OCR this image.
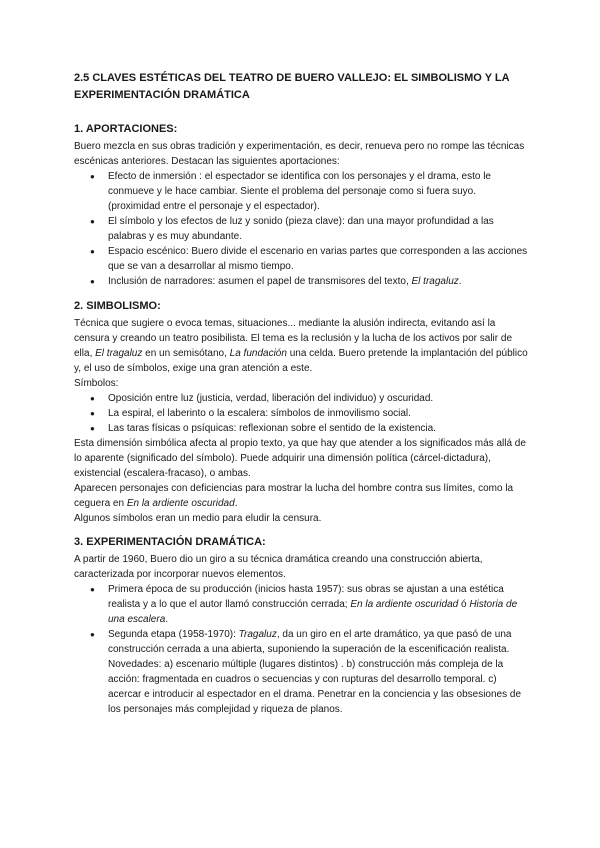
2.5 CLAVES ESTÉTICAS DEL TEATRO DE BUERO VALLEJO: EL SIMBOLISMO Y LA EXPERIMENTACIÓN DRAMÁTICA
1. APORTACIONES:

Buero mezcla en sus obras tradición y experimentación, es decir, renueva pero no rompe las técnicas escénicas anteriores. Destacan las siguientes aportaciones:

● Efecto de inmersión : el espectador se identifica con los personajes y el drama, esto le conmueve y le hace cambiar. Siente el problema del personaje como si fuera suyo. (proximidad entre el personaje y el espectador).
● El símbolo y los efectos de luz y sonido (pieza clave): dan una mayor profundidad a las palabras y es muy abundante.
● Espacio escénico: Buero divide el escenario en varias partes que corresponden a las acciones que se van a desarrollar al mismo tiempo.
● Inclusión de narradores: asumen el papel de transmisores del texto, El tragaluz.
2. SIMBOLISMO:

Técnica que sugiere o evoca temas, situaciones... mediante la alusión indirecta, evitando así la censura y creando un teatro posibilista. El tema es la reclusión y la lucha de los activos por salir de ella, El tragaluz en un semisótano, La fundación una celda. Buero pretende la implantación del público y, el uso de símbolos, exige una gran atención a este.

Símbolos:

● Oposición entre luz (justicia, verdad, liberación del individuo) y oscuridad.
● La espiral, el laberinto o la escalera: símbolos de inmovilismo social.
● Las taras físicas o psíquicas: reflexionan sobre el sentido de la existencia.

Esta dimensión simbólica afecta al propio texto, ya que hay que atender a los significados más allá de lo aparente (significado del símbolo). Puede adquirir una dimensión política (cárcel-dictadura), existencial (escalera-fracaso), o ambas.

Aparecen personajes con deficiencias para mostrar la lucha del hombre contra sus límites, como la ceguera en En la ardiente oscuridad.

Algunos símbolos eran un medio para eludir la censura.

3. EXPERIMENTACIÓN DRAMÁTICA:

A partir de 1960, Buero dio un giro a su técnica dramática creando una construcción abierta, caracterizada por incorporar nuevos elementos.

● Primera época de su producción (inicios hasta 1957): sus obras se ajustan a una estética realista y a lo que el autor llamó construcción cerrada; En la ardiente oscuridad ó Historia de una escalera.
● Segunda etapa (1958-1970): Tragaluz, da un giro en el arte dramático, ya que pasó de una construcción cerrada a una abierta, suponiendo la superación de la escenificación realista. Novedades: a) escenario múltiple (lugares distintos) . b) construcción más compleja de la acción: fragmentada en cuadros o secuencias y con rupturas del desarrollo temporal. c) acercar e introducir al espectador en el drama. Penetrar en la conciencia y las obsesiones de los personajes más complejidad y riqueza de planos.
